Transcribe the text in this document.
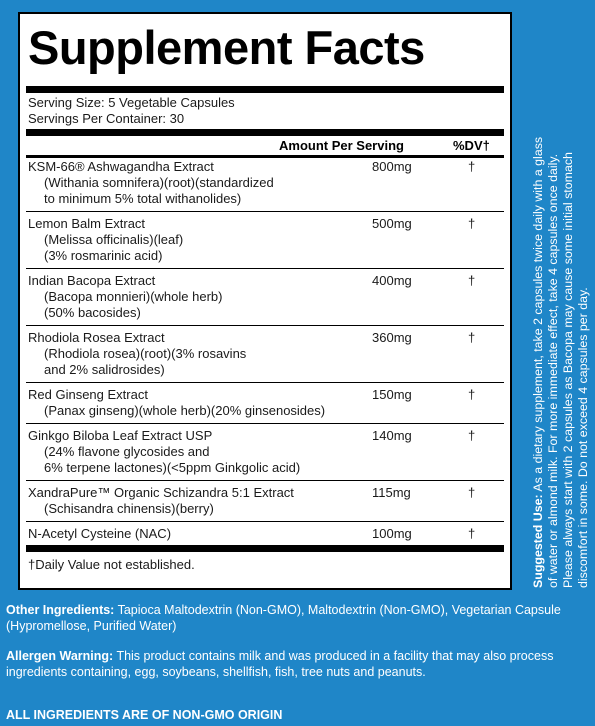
Supplement Facts
Serving Size: 5 Vegetable Capsules
Servings Per Container: 30
Amount Per Serving	%DV†
KSM-66® Ashwagandha Extract
(Withania somnifera)(root)(standardized
to minimum 5% total withanolides)
800mg	†
Lemon Balm Extract
(Melissa officinalis)(leaf)
(3% rosmarinic acid)
500mg	†
Indian Bacopa Extract
(Bacopa monnieri)(whole herb)
(50% bacosides)
400mg	†
Rhodiola Rosea Extract
(Rhodiola rosea)(root)(3% rosavins
and 2% salidrosides)
360mg	†
Red Ginseng Extract
(Panax ginseng)(whole herb)(20% ginsenosides)
150mg	†
Ginkgo Biloba Leaf Extract USP
(24% flavone glycosides and
6% terpene lactones)(<5ppm Ginkgolic acid)
140mg	†
XandraPure™ Organic Schizandra 5:1 Extract
(Schisandra chinensis)(berry)
115mg	†
N-Acetyl Cysteine (NAC)	100mg	†
†Daily Value not established.	Suggested Use: As a dietary supplement, take 2 capsules twice daily with a glass of water or almond milk. For more immediate effect, take 4 capsules once daily. Please always start with 2 capsules as Bacopa may cause some initial stomach discomfort in some. Do not exceed 4 capsules per day.
Other Ingredients: Tapioca Maltodextrin (Non-GMO), Maltodextrin (Non-GMO), Vegetarian Capsule (Hypromellose, Purified Water)
Allergen Warning: This product contains milk and was produced in a facility that may also process ingredients containing, egg, soybeans, shellfish, fish, tree nuts and peanuts.
ALL INGREDIENTS ARE OF NON-GMO ORIGIN
